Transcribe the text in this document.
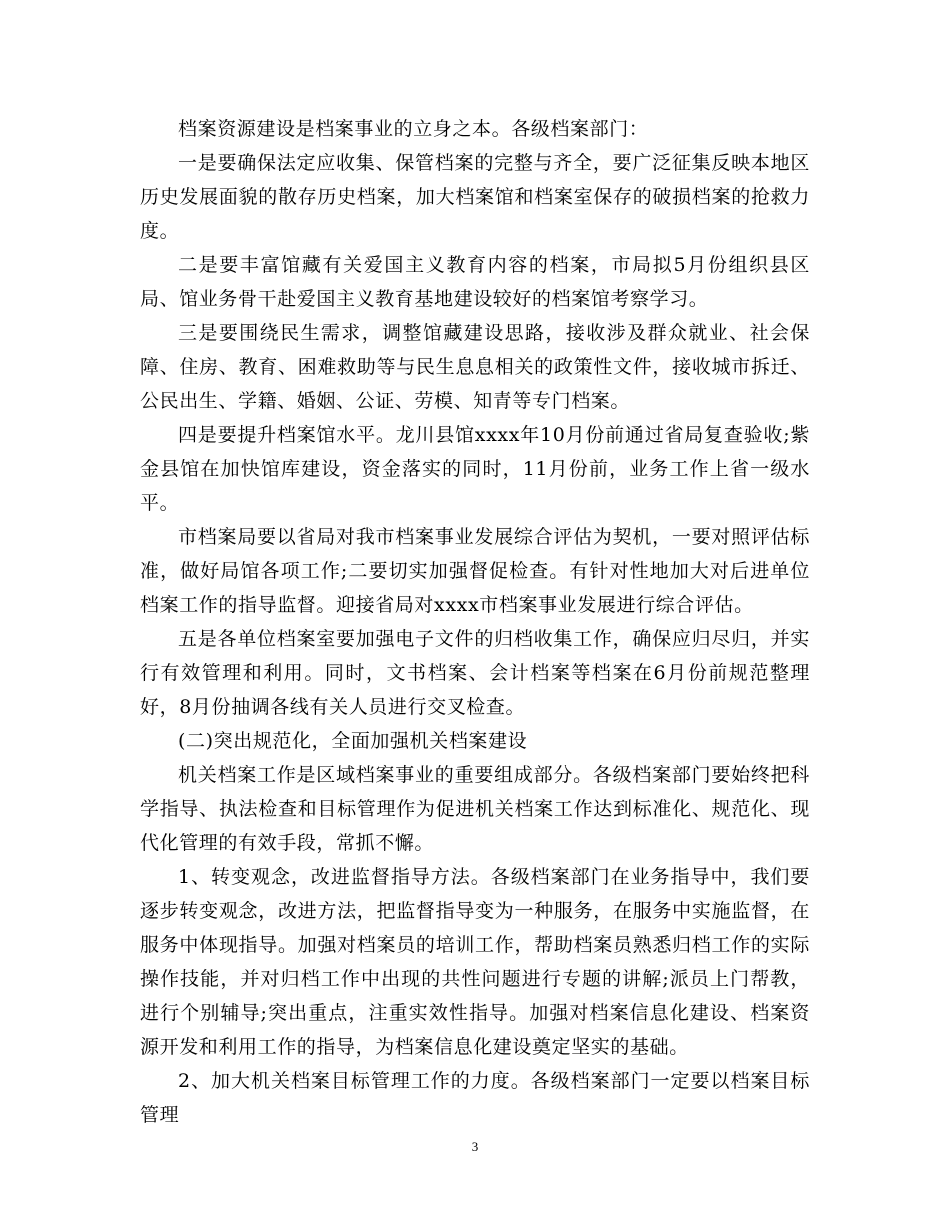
档案资源建设是档案事业的立身之本。各级档案部门：

一是要确保法定应收集、保管档案的完整与齐全，要广泛征集反映本地区历史发展面貌的散存历史档案，加大档案馆和档案室保存的破损档案的抢救力度。

二是要丰富馆藏有关爱国主义教育内容的档案，市局拟5月份组织县区局、馆业务骨干赴爱国主义教育基地建设较好的档案馆考察学习。

三是要围绕民生需求，调整馆藏建设思路，接收涉及群众就业、社会保障、住房、教育、困难救助等与民生息息相关的政策性文件，接收城市拆迁、公民出生、学籍、婚姻、公证、劳模、知青等专门档案。

四是要提升档案馆水平。龙川县馆xxxx年10月份前通过省局复查验收;紫金县馆在加快馆库建设，资金落实的同时，11月份前，业务工作上省一级水平。

市档案局要以省局对我市档案事业发展综合评估为契机，一要对照评估标准，做好局馆各项工作;二要切实加强督促检查。有针对性地加大对后进单位档案工作的指导监督。迎接省局对xxxx市档案事业发展进行综合评估。

五是各单位档案室要加强电子文件的归档收集工作，确保应归尽归，并实行有效管理和利用。同时，文书档案、会计档案等档案在6月份前规范整理好，8月份抽调各线有关人员进行交叉检查。

(二)突出规范化，全面加强机关档案建设

机关档案工作是区域档案事业的重要组成部分。各级档案部门要始终把科学指导、执法检查和目标管理作为促进机关档案工作达到标准化、规范化、现代化管理的有效手段，常抓不懈。

1、转变观念，改进监督指导方法。各级档案部门在业务指导中，我们要逐步转变观念，改进方法，把监督指导变为一种服务，在服务中实施监督，在服务中体现指导。加强对档案员的培训工作，帮助档案员熟悉归档工作的实际操作技能，并对归档工作中出现的共性问题进行专题的讲解;派员上门帮教，进行个别辅导;突出重点，注重实效性指导。加强对档案信息化建设、档案资源开发和利用工作的指导，为档案信息化建设奠定坚实的基础。

2、加大机关档案目标管理工作的力度。各级档案部门一定要以档案目标管理

3
